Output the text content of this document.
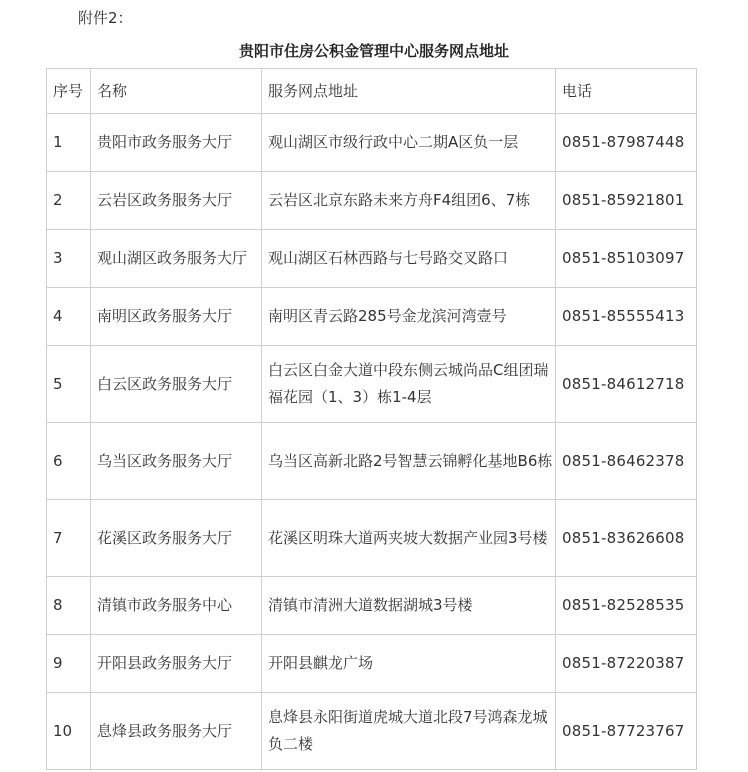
附件2：
贵阳市住房公积金管理中心服务网点地址
序号	名称	服务网点地址	电话
1	贵阳市政务服务大厅	观山湖区市级行政中心二期A区负一层	0851-87987448
2	云岩区政务服务大厅	云岩区北京东路未来方舟F4组团6、7栋	0851-85921801
3	观山湖区政务服务大厅	观山湖区石林西路与七号路交叉路口	0851-85103097
4	南明区政务服务大厅	南明区青云路285号金龙滨河湾壹号	0851-85555413
5	白云区政务服务大厅	白云区白金大道中段东侧云城尚品C组团瑞福花园（1、3）栋1-4层	0851-84612718
6	乌当区政务服务大厅	乌当区高新北路2号智慧云锦孵化基地B6栋	0851-86462378
7	花溪区政务服务大厅	花溪区明珠大道两夹坡大数据产业园3号楼	0851-83626608
8	清镇市政务服务中心	清镇市清洲大道数据湖城3号楼	0851-82528535
9	开阳县政务服务大厅	开阳县麒龙广场	0851-87220387
10	息烽县政务服务大厅	息烽县永阳街道虎城大道北段7号鸿森龙城负二楼	0851-87723767
